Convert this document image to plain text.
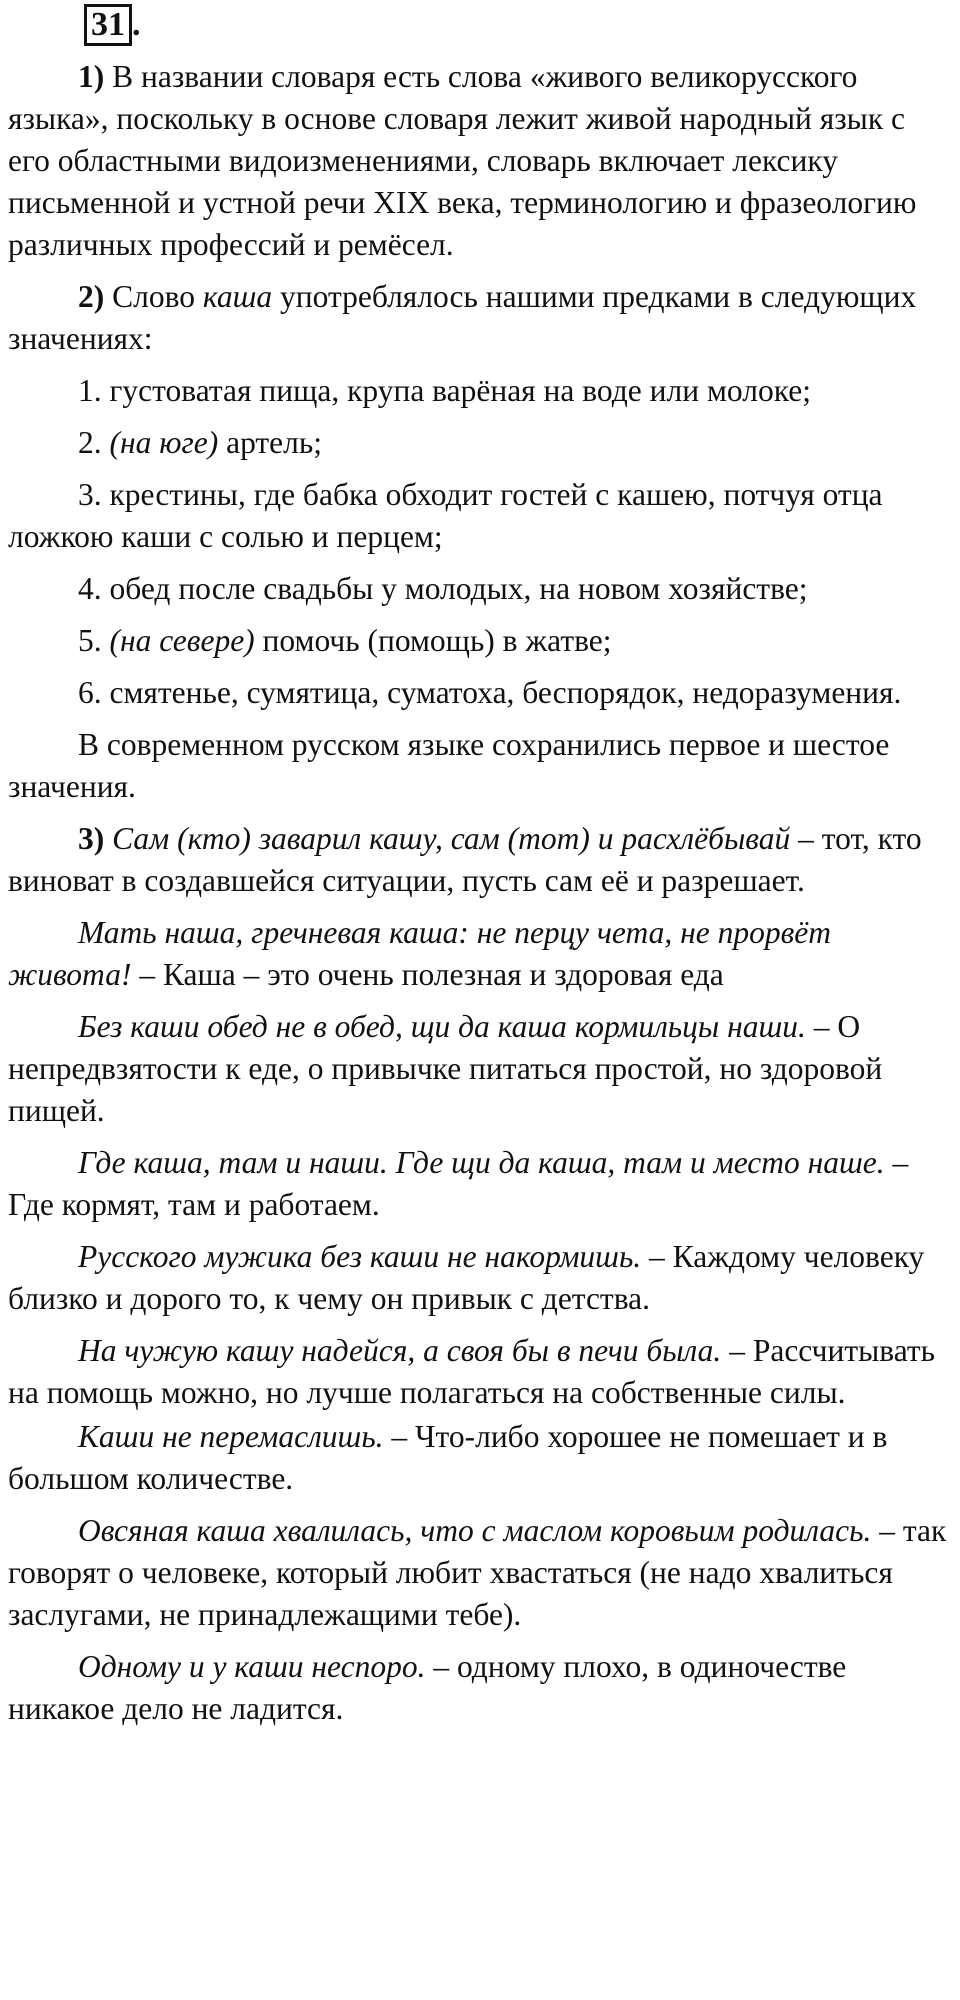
31 .

1) В названии словаря есть слова «живого великорусского языка», поскольку в основе словаря лежит живой народный язык с его областными видоизменениями, словарь включает лексику письменной и устной речи XIX века, терминологию и фразеологию различных профессий и ремёсел.

2) Слово каша употреблялось нашими предками в следующих значениях:

1. густоватая пища, крупа варёная на воде или молоке;

2. (на юге) артель;

3. крестины, где бабка обходит гостей с кашею, потчуя отца ложкою каши с солью и перцем;

4. обед после свадьбы у молодых, на новом хозяйстве;

5. (на севере) помочь (помощь) в жатве;

6. смятенье, сумятица, суматоха, беспорядок, недоразумения.

В современном русском языке сохранились первое и шестое значения.

3) Сам (кто) заварил кашу, сам (тот) и расхлёбывай – тот, кто виноват в создавшейся ситуации, пусть сам её и разрешает.

Мать наша, гречневая каша: не перцу чета, не прорвёт живота! – Каша – это очень полезная и здоровая еда

Без каши обед не в обед, щи да каша кормильцы наши. – О непредвзятости к еде, о привычке питаться простой, но здоровой пищей.

Где каша, там и наши. Где щи да каша, там и место наше. – Где кормят, там и работаем.

Русского мужика без каши не накормишь. – Каждому человеку близко и дорого то, к чему он привык с детства.

На чужую кашу надейся, а своя бы в печи была. – Рассчитывать на помощь можно, но лучше полагаться на собственные силы.

Каши не перемаслишь. – Что-либо хорошее не помешает и в большом количестве.

Овсяная каша хвалилась, что с маслом коровьим родилась. – так говорят о человеке, который любит хвастаться (не надо хвалиться заслугами, не принадлежащими тебе).

Одному и у каши неспоро. – одному плохо, в одиночестве никакое дело не ладится.
